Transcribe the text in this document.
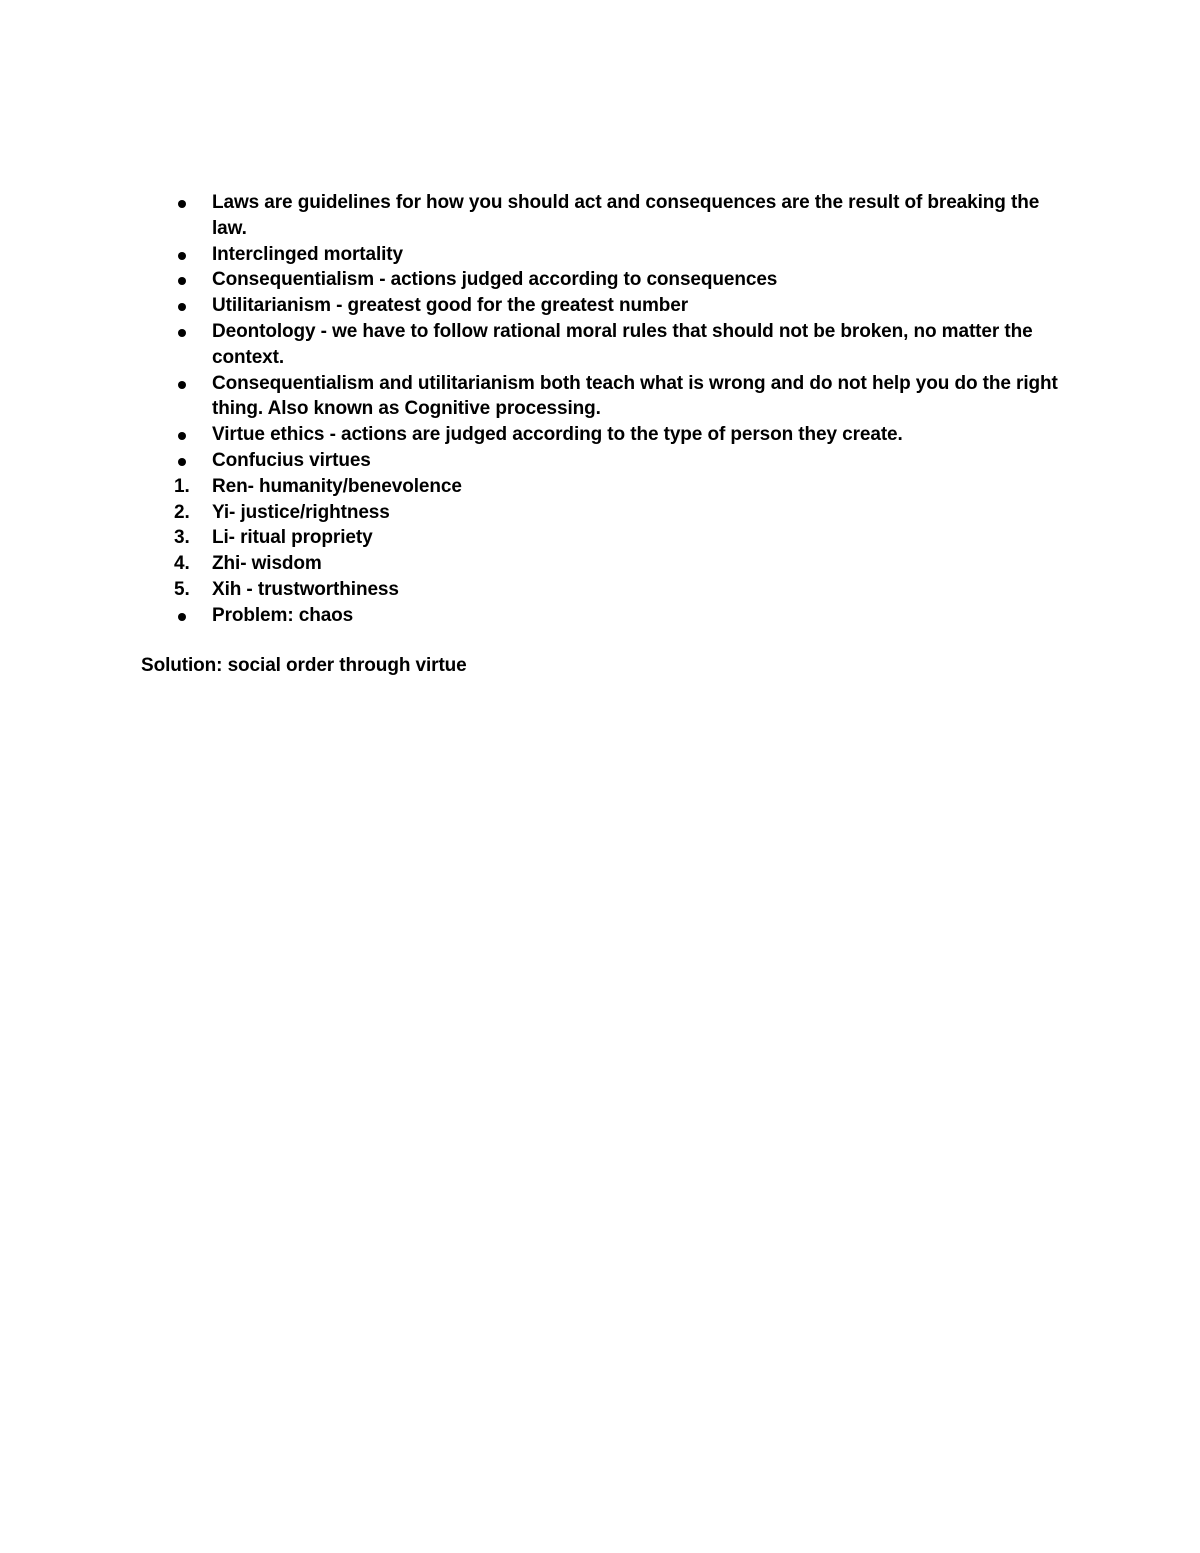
Laws are guidelines for how you should act and consequences are the result of breaking the law.
Interclinged mortality
Consequentialism - actions judged according to consequences
Utilitarianism - greatest good for the greatest number
Deontology - we have to follow rational moral rules that should not be broken, no matter the context.
Consequentialism and utilitarianism both teach what is wrong and do not help you do the right thing. Also known as Cognitive processing.
Virtue ethics - actions are judged according to the type of person they create.
Confucius virtues
1. Ren- humanity/benevolence
2. Yi- justice/rightness
3. Li- ritual propriety
4. Zhi- wisdom
5. Xih - trustworthiness
Problem: chaos
Solution: social order through virtue
